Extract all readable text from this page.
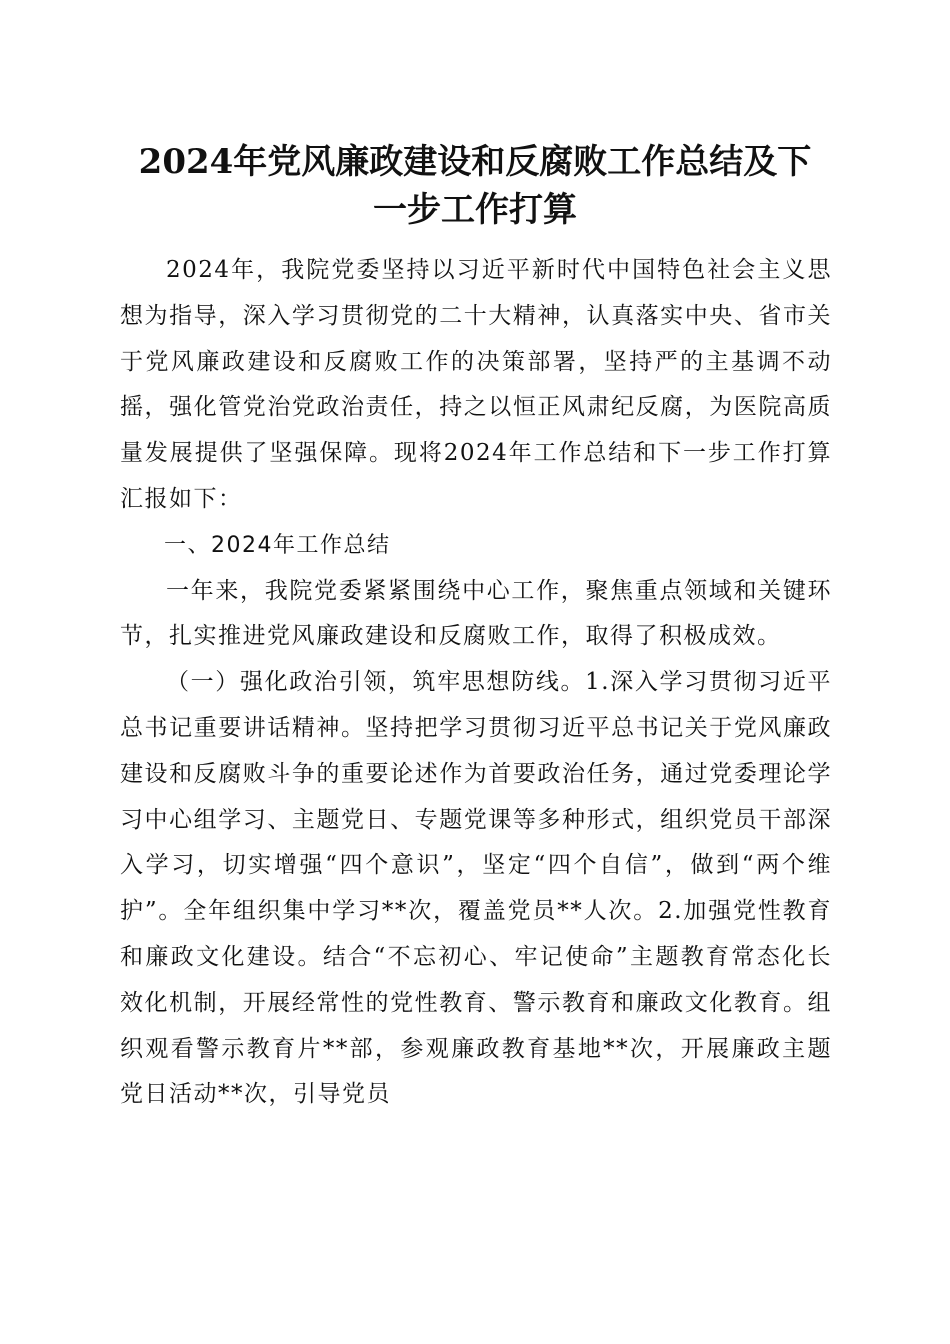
2024年党风廉政建设和反腐败工作总结及下
一步工作打算

2024年，我院党委坚持以习近平新时代中国特色社会主义思想为指导，深入学习贯彻党的二十大精神，认真落实中央、省市关于党风廉政建设和反腐败工作的决策部署，坚持严的主基调不动摇，强化管党治党政治责任，持之以恒正风肃纪反腐，为医院高质量发展提供了坚强保障。现将2024年工作总结和下一步工作打算汇报如下：

一、2024年工作总结

一年来，我院党委紧紧围绕中心工作，聚焦重点领域和关键环节，扎实推进党风廉政建设和反腐败工作，取得了积极成效。

（一）强化政治引领，筑牢思想防线。1.深入学习贯彻习近平总书记重要讲话精神。坚持把学习贯彻习近平总书记关于党风廉政建设和反腐败斗争的重要论述作为首要政治任务，通过党委理论学习中心组学习、主题党日、专题党课等多种形式，组织党员干部深入学习，切实增强“四个意识”，坚定“四个自信”，做到“两个维护”。全年组织集中学习**次，覆盖党员**人次。2.加强党性教育和廉政文化建设。结合“不忘初心、牢记使命”主题教育常态化长效化机制，开展经常性的党性教育、警示教育和廉政文化教育。组织观看警示教育片**部，参观廉政教育基地**次，开展廉政主题党日活动**次，引导党员
